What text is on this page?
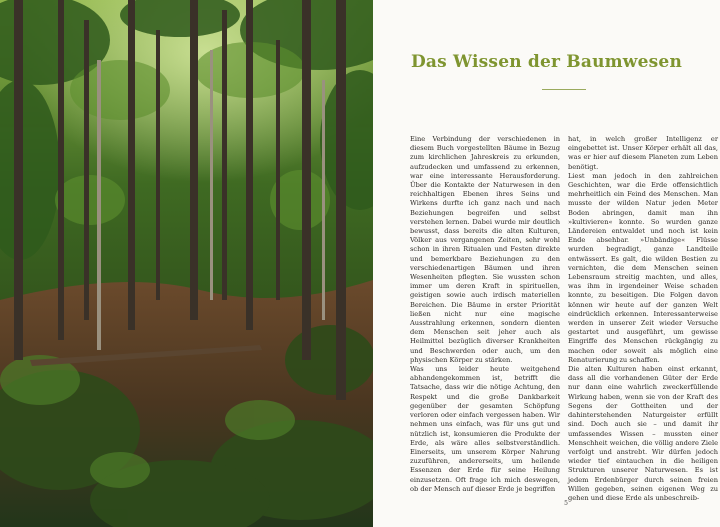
Das Wissen der Baumwesen

Eine Verbindung der verschiedenen in diesem Buch vorgestellten Bäume in Bezug zum kirchlichen Jahreskreis zu erkunden, aufzudecken und umfassend zu erkennen, war eine interessante Herausforderung. Über die Kontakte der Naturwesen in den reichhaltigen Ebenen ihres Seins und Wirkens durfte ich ganz nach und nach Beziehungen begreifen und selbst verstehen lernen. Dabei wurde mir deutlich bewusst, dass bereits die alten Kulturen, Völker aus vergangenen Zeiten, sehr wohl schon in ihren Ritualen und Festen direkte und bemerkbare Beziehungen zu den verschiedenartigen Bäumen und ihren Wesenheiten pflegten. Sie wussten schon immer um deren Kraft in spirituellen, geistigen sowie auch irdisch materiellen Bereichen. Die Bäume in erster Priorität ließen nicht nur eine magische Ausstrahlung erkennen, sondern dienten dem Menschen seit jeher auch als Heilmittel bezüglich diverser Krankheiten und Beschwerden oder auch, um den physischen Körper zu stärken.

Was uns leider heute weitgehend abhandengekommen ist, betrifft die Tatsache, dass wir die nötige Achtung, den Respekt und die große Dankbarkeit gegenüber der gesamten Schöpfung verloren oder einfach vergessen haben. Wir nehmen uns einfach, was für uns gut und nützlich ist, konsumieren die Produkte der Erde, als wäre alles selbstverständlich. Einerseits, um unserem Körper Nahrung zuzuführen, andererseits, um heilende Essenzen der Erde für seine Heilung einzusetzen. Oft frage ich mich deswegen, ob der Mensch auf dieser Erde je begriffen

hat, in welch großer Intelligenz er eingebettet ist. Unser Körper erhält all das, was er hier auf diesem Planeten zum Leben benötigt.

Liest man jedoch in den zahlreichen Geschichten, war die Erde offensichtlich mehrheitlich ein Feind des Menschen. Man musste der wilden Natur jeden Meter Boden abringen, damit man ihn »kultivieren« konnte. So wurden ganze Ländereien entwaldet und noch ist kein Ende absehbar. »Unbändige« Flüsse wurden begradigt, ganze Landteile entwässert. Es galt, die wilden Bestien zu vernichten, die dem Menschen seinen Lebensraum streitig machten, und alles, was ihm in irgendeiner Weise schaden konnte, zu beseitigen. Die Folgen davon können wir heute auf der ganzen Welt eindrücklich erkennen. Interessanterweise werden in unserer Zeit wieder Versuche gestartet und ausgeführt, um gewisse Eingriffe des Menschen rückgängig zu machen oder soweit als möglich eine Renaturierung zu schaffen.

Die alten Kulturen haben einst erkannt, dass all die vorhandenen Güter der Erde nur dann eine wahrlich zweckerfüllende Wirkung haben, wenn sie von der Kraft des Segens der Gottheiten und der dahinterstehenden Naturgeister erfüllt sind. Doch auch sie – und damit ihr umfassendes Wissen – mussten einer Menschheit weichen, die völlig andere Ziele verfolgt und anstrebt. Wir dürfen jedoch wieder tief eintauchen in die heiligen Strukturen unserer Naturwesen. Es ist jedem Erdenbürger durch seinen freien Willen gegeben, seinen eigenen Weg zu gehen und diese Erde als unbeschreib-

5
